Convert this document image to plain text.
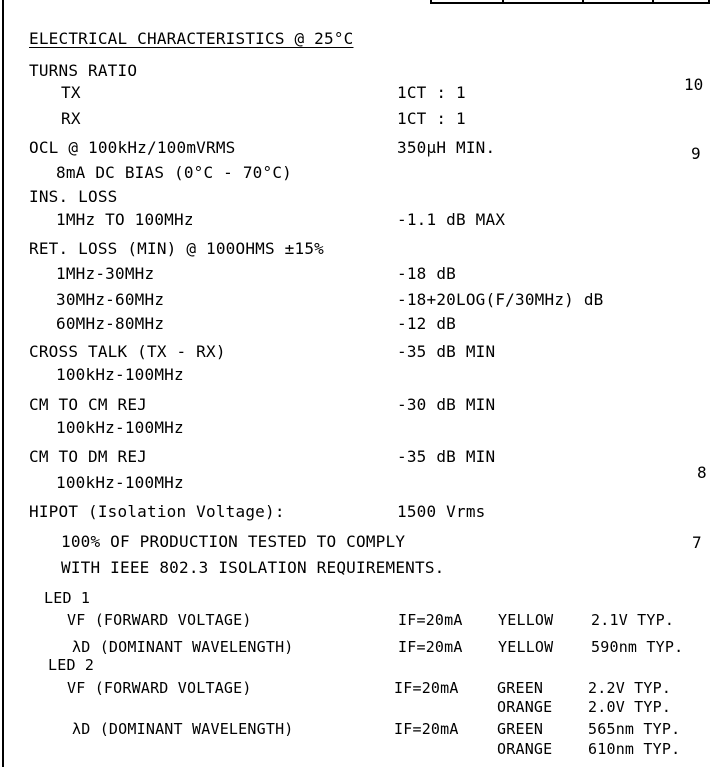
ELECTRICAL CHARACTERISTICS @ 25°C
TURNS RATIO
TX	1CT : 1
RX	1CT : 1
OCL @ 100kHz/100mVRMS	350µH MIN.
8mA DC BIAS (0°C - 70°C)
INS. LOSS
1MHz TO 100MHz	-1.1 dB MAX
RET. LOSS (MIN) @ 100OHMS ±15%
1MHz-30MHz	-18 dB
30MHz-60MHz	-18+20LOG(F/30MHz) dB
60MHz-80MHz	-12 dB
CROSS TALK (TX - RX)	-35 dB MIN
100kHz-100MHz
CM TO CM REJ	-30 dB MIN
100kHz-100MHz
CM TO DM REJ	-35 dB MIN
100kHz-100MHz
HIPOT (Isolation Voltage):	1500 Vrms
100% OF PRODUCTION TESTED TO COMPLY
WITH IEEE 802.3 ISOLATION REQUIREMENTS.
LED 1
VF (FORWARD VOLTAGE)	IF=20mA YELLOW	2.1V TYP.
λD (DOMINANT WAVELENGTH)	IF=20mA YELLOW	590nm TYP.
LED 2
VF (FORWARD VOLTAGE)	IF=20mA	GREEN	2.2V TYP.
ORANGE 2.0V TYP.
λD (DOMINANT WAVELENGTH)	IF=20mA	GREEN	565nm TYP.
ORANGE 610nm TYP.
10
9
8
7
